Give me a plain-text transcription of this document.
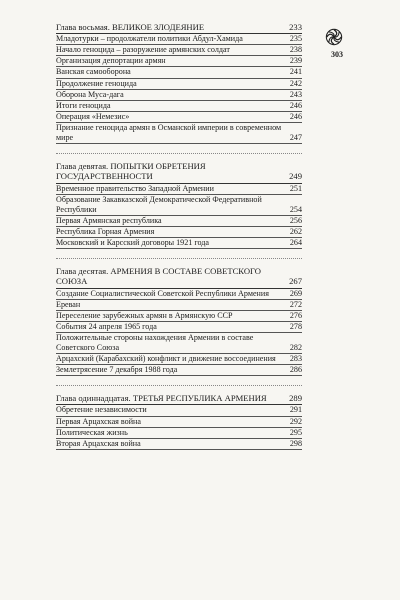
303
Глава восьмая. ВЕЛИКОЕ ЗЛОДЕЯНИЕ	233
Младотурки – продолжатели политики Абдул-Хамида	235
Начало геноцида – разоружение армянских солдат	238
Организация депортации армян	239
Ванская самооборона	241
Продолжение геноцида	242
Оборона Муса-дага	243
Итоги геноцида	246
Операция «Немезис»	246
Признание геноцида армян в Османской империи в современном мире	247
Глава девятая. ПОПЫТКИ ОБРЕТЕНИЯ ГОСУДАРСТВЕННОСТИ	249
Временное правительство Западной Армении	251
Образование Закавказской Демократической Федеративной Республики	254
Первая Армянская республика	256
Республика Горная Армения	262
Московский и Карсский договоры 1921 года	264
Глава десятая. АРМЕНИЯ В СОСТАВЕ СОВЕТСКОГО СОЮЗА	267
Создание Социалистической Советской Республики Армения	269
Ереван	272
Переселение зарубежных армян в Армянскую ССР	276
События 24 апреля 1965 года	278
Положительные стороны нахождения Армении в составе Советского Союза	282
Арцахский (Карабахский) конфликт и движение воссоединения	283
Землетрясение 7 декабря 1988 года	286
Глава одиннадцатая. ТРЕТЬЯ РЕСПУБЛИКА АРМЕНИЯ	289
Обретение независимости	291
Первая Арцахская война	292
Политическая жизнь	295
Вторая Арцахская война	298
